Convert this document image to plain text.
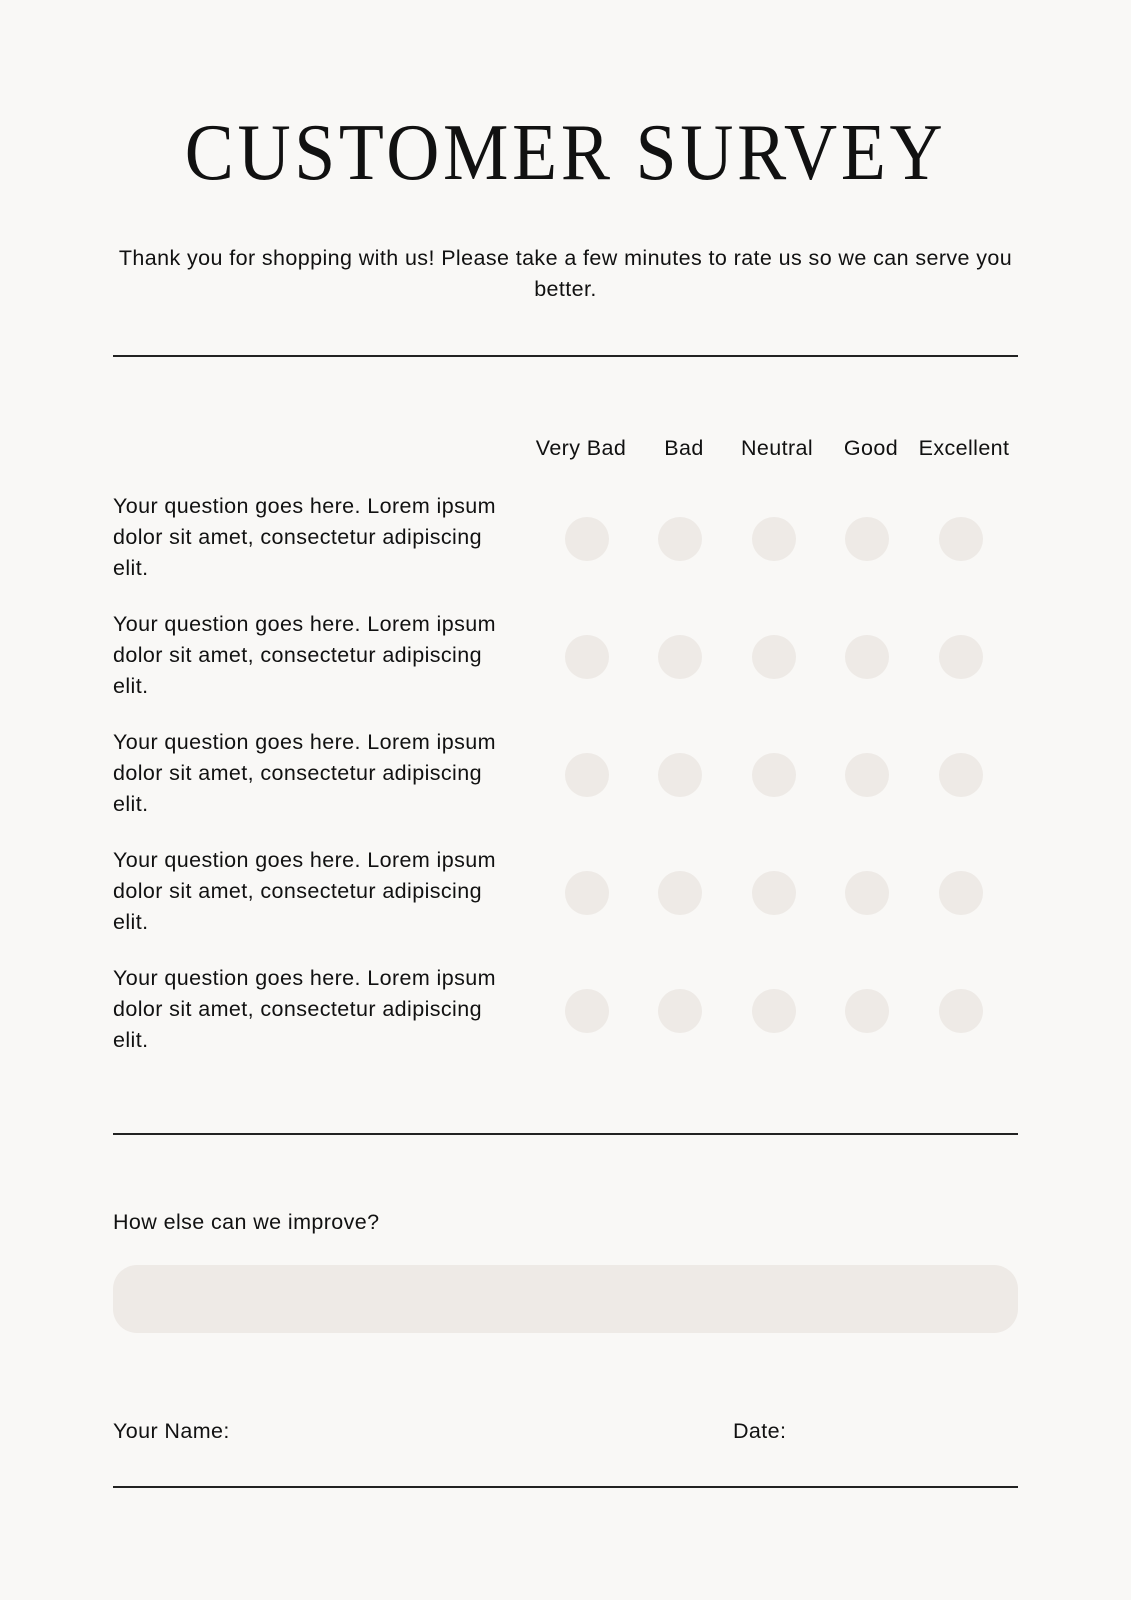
CUSTOMER SURVEY
Thank you for shopping with us! Please take a few minutes to rate us so we can serve you better.
Very Bad Bad Neutral Good Excellent
Your question goes here. Lorem ipsum dolor sit amet, consectetur adipiscing elit.
Your question goes here. Lorem ipsum dolor sit amet, consectetur adipiscing elit.
Your question goes here. Lorem ipsum dolor sit amet, consectetur adipiscing elit.
Your question goes here. Lorem ipsum dolor sit amet, consectetur adipiscing elit.
Your question goes here. Lorem ipsum dolor sit amet, consectetur adipiscing elit.
How else can we improve?
Your Name:	Date:
